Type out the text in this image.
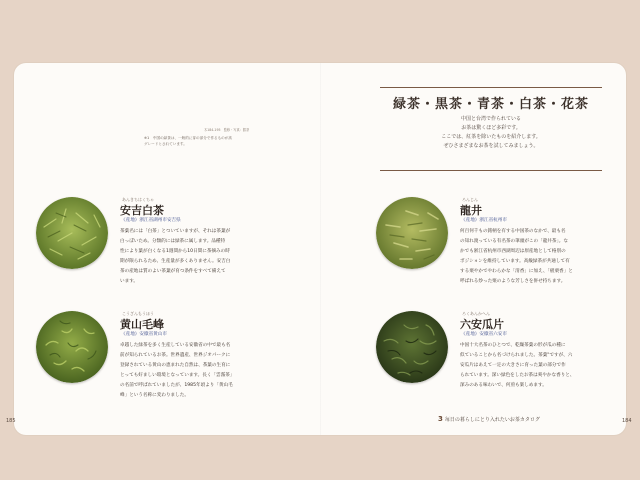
木184-195　監修・写真：勝茶
※1　中国の緑茶は、一般的に芽の部分で作るものが高
グレードとされています。
あんきちはくちゃ
安吉白茶
《産地》浙江省湖州市安吉県
茶葉名には「白茶」とついていますが、それは茶葉が
白っぽいため。分類的には緑茶に属します。品種特
性により葉が白くなる1週間から10日間に茶摘みの時
期が限られるため、生産量が多くありません。安吉白
茶の産地は質のよい茶葉が育つ条件をすべて備えて
います。
こうざんもうほう
黄山毛峰
《産地》安徽省黄山市
卓越した緑茶を多く生産している安徽省の中で最も名
前が知られているお茶。世界遺産、世界ジオパークに
登録されている黄山の恵まれた自然は、茶葉の生育に
とっても好ましい環境となっています。長く「雲霧茶」
の名前で呼ばれていましたが、1985年頃より「黄山毛
峰」という名称に変わりました。
緑茶・黒茶・青茶・白茶・花茶
中国と台湾で作られている
お茶は驚くほど多彩です。
ここでは、紅茶を除いたものを紹介します。
ぜひさまざまなお茶を試してみましょう。
ろんじん
龍井
《産地》浙江省杭州市
何百何千もの銘柄を有する中国茶のなかで、最も名
の知れ渡っている有名茶の筆頭がこの「龍井茶」。な
かでも浙江省杭州市西湖周辺は原産地として格別の
ポジションを維持しています。高級緑茶が共通して有
する栗やかでやわらかな「清香」に加え、「板栗香」と
呼ばれる炒った栗のような芳しさを併せ持ちます。
ろくあんかへん
六安瓜片
《産地》安徽省六安市
中国十大名茶のひとつで、乾燥茶葉の形が瓜の種に
似ていることから名づけられました。茶葉"ですが、六
安瓜片はあえて一定の大きさに育った葉の部分で作
られています。深い緑色をしたお茶は爽やかな香りと、
深みのある味わいで、何煎も楽しめます。
185	184
3 毎日の暮らしにとり入れたいお茶カタログ
